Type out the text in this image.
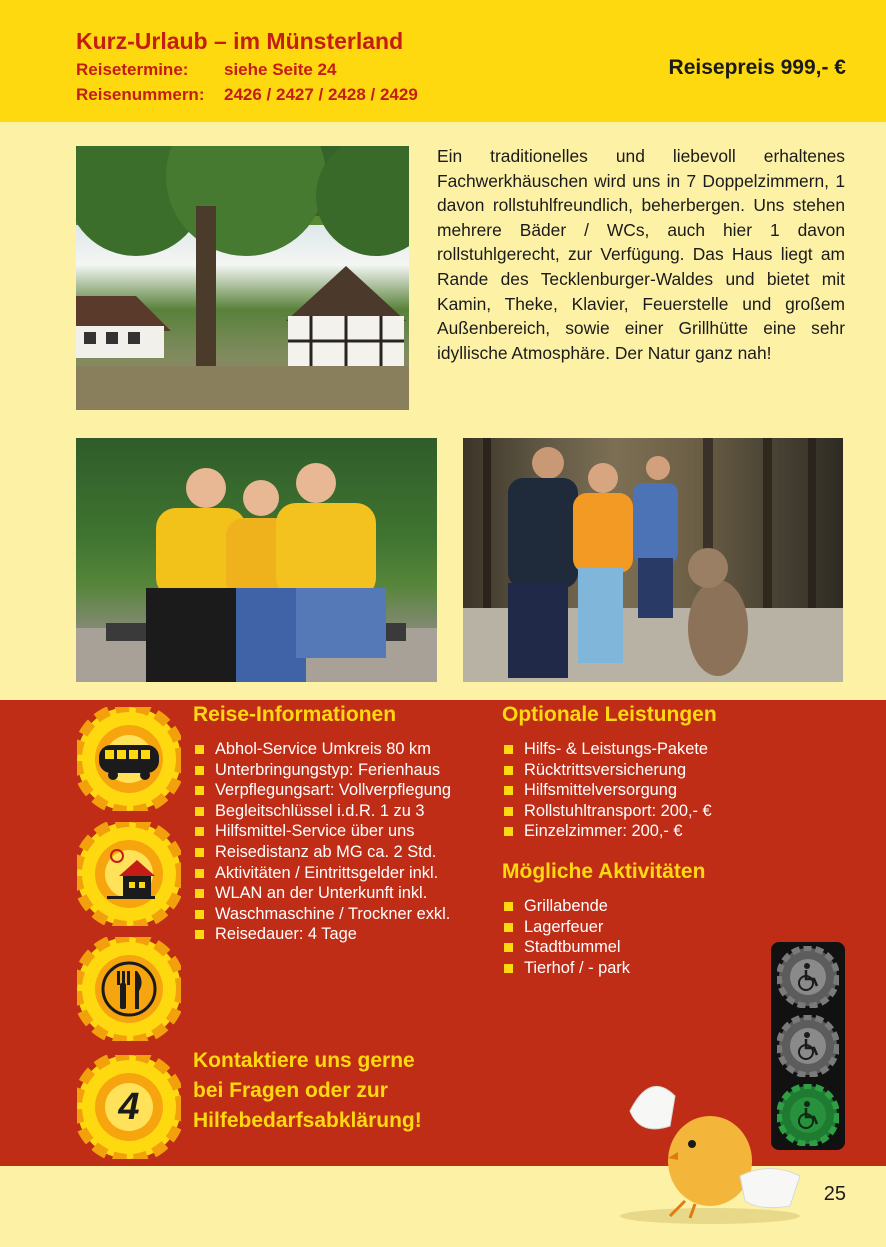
Kurz-Urlaub – im Münsterland
Reisetermine: siehe Seite 24
Reisenummern: 2426 / 2427 / 2428 / 2429
Reisepreis 999,- €

Ein traditionelles und liebevoll erhaltenes Fachwerkhäuschen wird uns in 7 Doppelzimmern, 1 davon rollstuhlfreundlich, beherbergen. Uns stehen mehrere Bäder / WCs, auch hier 1 davon rollstuhlgerecht, zur Verfügung. Das Haus liegt am Rande des Tecklenburger-Waldes und bietet mit Kamin, Theke, Klavier, Feuerstelle und großem Außenbereich, sowie einer Grillhütte eine sehr idyllische Atmosphäre. Der Natur ganz nah!

4
Reise-Informationen
Abhol-Service Umkreis 80 km
Unterbringungstyp: Ferienhaus
Verpflegungsart: Vollverpflegung
Begleitschlüssel i.d.R. 1 zu 3
Hilfsmittel-Service über uns
Reisedistanz ab MG ca. 2 Std.
Aktivitäten / Eintrittsgelder inkl.
WLAN an der Unterkunft inkl.
Waschmaschine / Trockner exkl.
Reisedauer: 4 Tage
Optionale Leistungen
Hilfs- & Leistungs-Pakete
Rücktrittsversicherung
Hilfsmittelversorgung
Rollstuhltransport: 200,- €
Einzelzimmer: 200,- €
Mögliche Aktivitäten
Grillabende
Lagerfeuer
Stadtbummel
Tierhof / - park

Kontaktiere uns gerne
bei Fragen oder zur
Hilfebedarfsabklärung!

25
